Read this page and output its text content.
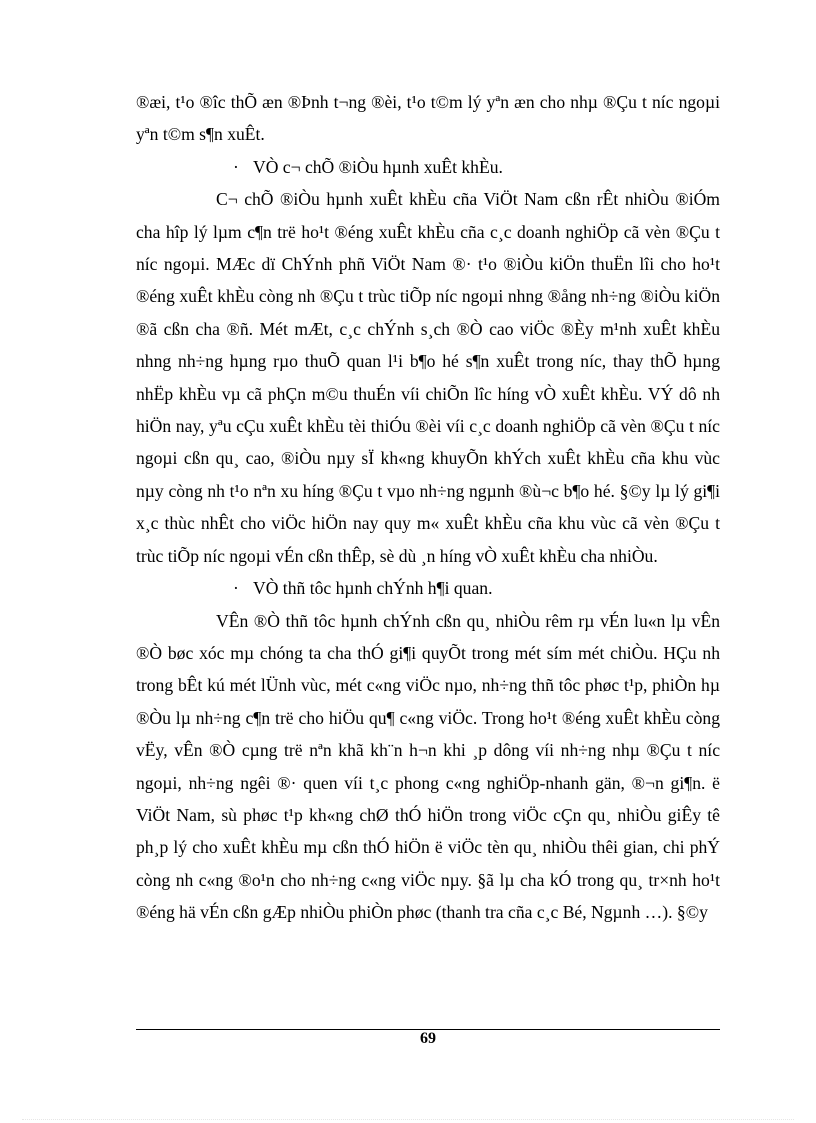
®æi, t¹o ®îc thÕ æn ®Þnh t¬ng ®èi, t¹o t©m lý yªn æn cho nhµ ®Çu t níc ngoµi yªn t©m s¶n xuÊt.

· VÒ c¬ chÕ ®iÒu hµnh xuÊt khÈu.

C¬ chÕ ®iÒu hµnh xuÊt khÈu cña ViÖt Nam cßn rÊt nhiÒu ®iÓm cha hîp lý lµm c¶n trë ho¹t ®éng xuÊt khÈu cña c¸c doanh nghiÖp cã vèn ®Çu t níc ngoµi. MÆc dï ChÝnh phñ ViÖt Nam ®· t¹o ®iÒu kiÖn thuËn lîi cho ho¹t ®éng xuÊt khÈu còng nh ®Çu t trùc tiÕp níc ngoµi nhng ®ång nh÷ng ®iÒu kiÖn ®ã cßn cha ®ñ. Mét mÆt, c¸c chÝnh s¸ch ®Ò cao viÖc ®Èy m¹nh xuÊt khÈu nhng nh÷ng hµng rµo thuÕ quan l¹i b¶o hé s¶n xuÊt trong níc, thay thÕ hµng nhËp khÈu vµ cã phÇn m©u thuÉn víi chiÕn lîc híng vÒ xuÊt khÈu. VÝ dô nh hiÖn nay, yªu cÇu xuÊt khÈu tèi thiÓu ®èi víi c¸c doanh nghiÖp cã vèn ®Çu t níc ngoµi cßn qu¸ cao, ®iÒu nµy sÏ kh«ng khuyÕn khÝch xuÊt khÈu cña khu vùc nµy còng nh t¹o nªn xu híng ®Çu t vµo nh÷ng ngµnh ®ù¬c b¶o hé. §©y lµ lý gi¶i x¸c thùc nhÊt cho viÖc hiÖn nay quy m« xuÊt khÈu cña khu vùc cã vèn ®Çu t trùc tiÕp níc ngoµi vÉn cßn thÊp, sè dù ¸n híng vÒ xuÊt khÈu cha nhiÒu.

· VÒ thñ tôc hµnh chÝnh h¶i quan.

VÊn ®Ò thñ tôc hµnh chÝnh cßn qu¸ nhiÒu rêm rµ vÉn lu«n lµ vÊn ®Ò bøc xóc mµ chóng ta cha thÓ gi¶i quyÕt trong mét sím mét chiÒu. HÇu nh trong bÊt kú mét lÜnh vùc, mét c«ng viÖc nµo, nh÷ng thñ tôc phøc t¹p, phiÒn hµ ®Òu lµ nh÷ng c¶n trë cho hiÖu qu¶ c«ng viÖc. Trong ho¹t ®éng xuÊt khÈu còng vËy, vÊn ®Ò cµng trë nªn khã kh¨n h¬n khi ¸p dông víi nh÷ng nhµ ®Çu t níc ngoµi, nh÷ng ngêi ®· quen víi t¸c phong c«ng nghiÖp-nhanh gän, ®¬n gi¶n. ë ViÖt Nam, sù phøc t¹p kh«ng chØ thÓ hiÖn trong viÖc cÇn qu¸ nhiÒu giÊy tê ph¸p lý cho xuÊt khÈu mµ cßn thÓ hiÖn ë viÖc tèn qu¸ nhiÒu thêi gian, chi phÝ còng nh c«ng ®o¹n cho nh÷ng c«ng viÖc nµy. §ã lµ cha kÓ trong qu¸ tr×nh ho¹t ®éng hä vÉn cßn gÆp nhiÒu phiÒn phøc (thanh tra cña c¸c Bé, Ngµnh …). §©y

69
